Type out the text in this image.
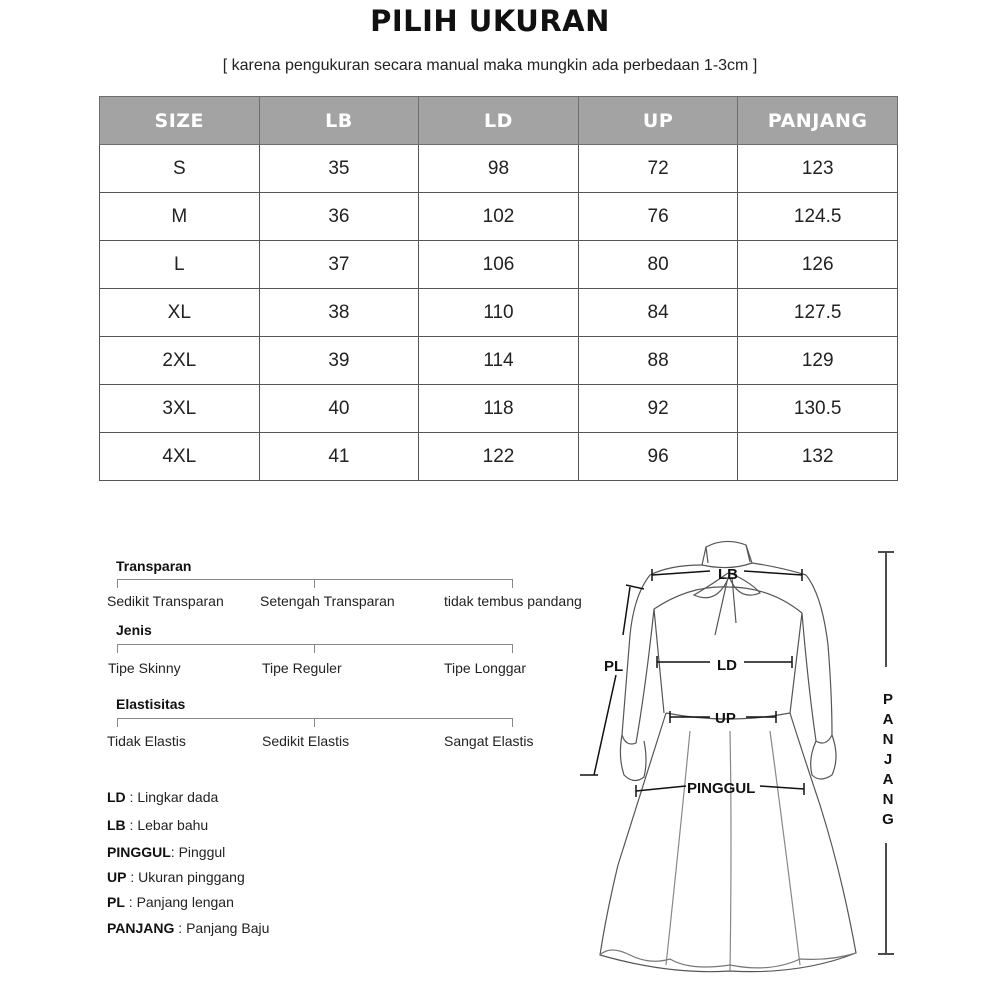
PILIH UKURAN
[ karena pengukuran secara manual maka mungkin ada perbedaan 1-3cm ]
SIZE	LB	LD	UP	PANJANG
S	35	98	72	123
M	36	102	76	124.5
L	37	106	80	126
XL	38	110	84	127.5
2XL	39	114	88	129
3XL	40	118	92	130.5
4XL	41	122	96	132
Transparan
Sedikit Transparan	Setengah Transparan	tidak tembus pandang
Jenis
Tipe Skinny	Tipe Reguler	Tipe Longgar
Elastisitas
Tidak Elastis	Sedikit Elastis	Sangat Elastis
LD : Lingkar dada
LB : Lebar bahu
PINGGUL: Pinggul
UP : Ukuran pinggang
PL : Panjang lengan
PANJANG : Panjang Baju
LB
LD
UP
PINGGUL
PL
P
A
N
J
A
N
G
